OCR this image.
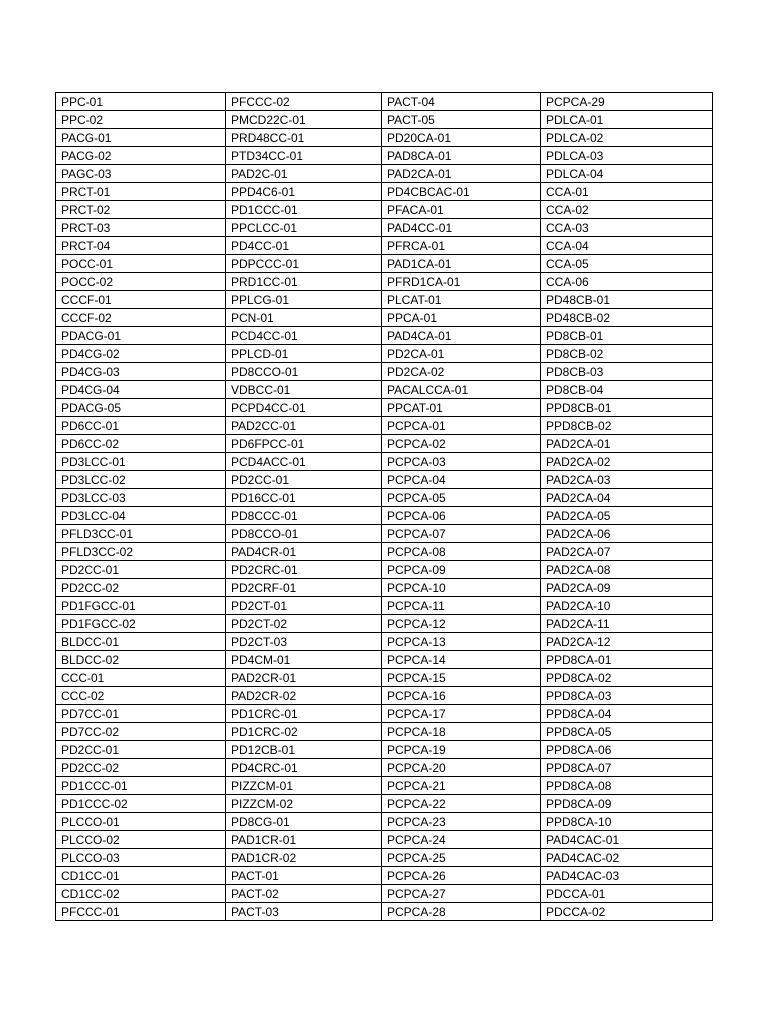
PPC-01	PFCCC-02	PACT-04	PCPCA-29
PPC-02	PMCD22C-01	PACT-05	PDLCA-01
PACG-01	PRD48CC-01	PD20CA-01	PDLCA-02
PACG-02	PTD34CC-01	PAD8CA-01	PDLCA-03
PAGC-03	PAD2C-01	PAD2CA-01	PDLCA-04
PRCT-01	PPD4C6-01	PD4CBCAC-01	CCA-01
PRCT-02	PD1CCC-01	PFACA-01	CCA-02
PRCT-03	PPCLCC-01	PAD4CC-01	CCA-03
PRCT-04	PD4CC-01	PFRCA-01	CCA-04
POCC-01	PDPCCC-01	PAD1CA-01	CCA-05
POCC-02	PRD1CC-01	PFRD1CA-01	CCA-06
CCCF-01	PPLCG-01	PLCAT-01	PD48CB-01
CCCF-02	PCN-01	PPCA-01	PD48CB-02
PDACG-01	PCD4CC-01	PAD4CA-01	PD8CB-01
PD4CG-02	PPLCD-01	PD2CA-01	PD8CB-02
PD4CG-03	PD8CCO-01	PD2CA-02	PD8CB-03
PD4CG-04	VDBCC-01	PACALCCA-01	PD8CB-04
PDACG-05	PCPD4CC-01	PPCAT-01	PPD8CB-01
PD6CC-01	PAD2CC-01	PCPCA-01	PPD8CB-02
PD6CC-02	PD6FPCC-01	PCPCA-02	PAD2CA-01
PD3LCC-01	PCD4ACC-01	PCPCA-03	PAD2CA-02
PD3LCC-02	PD2CC-01	PCPCA-04	PAD2CA-03
PD3LCC-03	PD16CC-01	PCPCA-05	PAD2CA-04
PD3LCC-04	PD8CCC-01	PCPCA-06	PAD2CA-05
PFLD3CC-01	PD8CCO-01	PCPCA-07	PAD2CA-06
PFLD3CC-02	PAD4CR-01	PCPCA-08	PAD2CA-07
PD2CC-01	PD2CRC-01	PCPCA-09	PAD2CA-08
PD2CC-02	PD2CRF-01	PCPCA-10	PAD2CA-09
PD1FGCC-01	PD2CT-01	PCPCA-11	PAD2CA-10
PD1FGCC-02	PD2CT-02	PCPCA-12	PAD2CA-11
BLDCC-01	PD2CT-03	PCPCA-13	PAD2CA-12
BLDCC-02	PD4CM-01	PCPCA-14	PPD8CA-01
CCC-01	PAD2CR-01	PCPCA-15	PPD8CA-02
CCC-02	PAD2CR-02	PCPCA-16	PPD8CA-03
PD7CC-01	PD1CRC-01	PCPCA-17	PPD8CA-04
PD7CC-02	PD1CRC-02	PCPCA-18	PPD8CA-05
PD2CC-01	PD12CB-01	PCPCA-19	PPD8CA-06
PD2CC-02	PD4CRC-01	PCPCA-20	PPD8CA-07
PD1CCC-01	PIZZCM-01	PCPCA-21	PPD8CA-08
PD1CCC-02	PIZZCM-02	PCPCA-22	PPD8CA-09
PLCCO-01	PD8CG-01	PCPCA-23	PPD8CA-10
PLCCO-02	PAD1CR-01	PCPCA-24	PAD4CAC-01
PLCCO-03	PAD1CR-02	PCPCA-25	PAD4CAC-02
CD1CC-01	PACT-01	PCPCA-26	PAD4CAC-03
CD1CC-02	PACT-02	PCPCA-27	PDCCA-01
PFCCC-01	PACT-03	PCPCA-28	PDCCA-02
